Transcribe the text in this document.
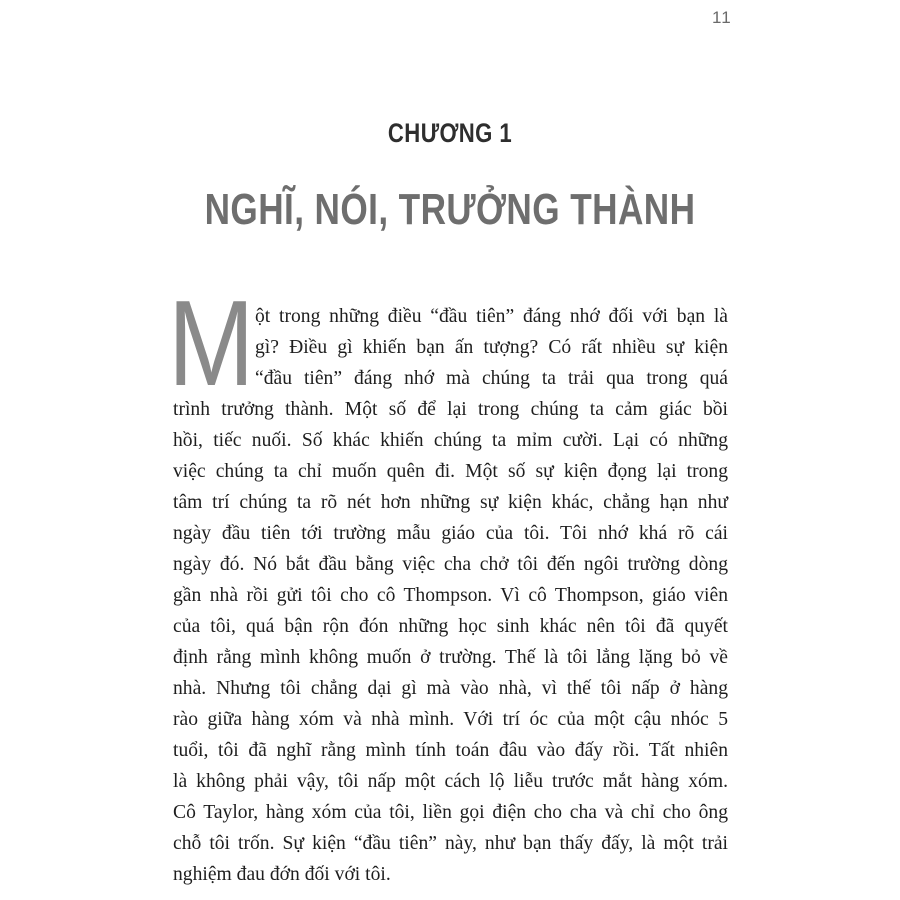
11
CHƯƠNG 1
NGHĨ, NÓI, TRƯỞNG THÀNH
M ột trong những điều “đầu tiên” đáng nhớ đối với bạn là
gì? Điều gì khiến bạn ấn tượng? Có rất nhiều sự kiện
“đầu tiên” đáng nhớ mà chúng ta trải qua trong quá
trình trưởng thành. Một số để lại trong chúng ta cảm giác bồi
hồi, tiếc nuối. Số khác khiến chúng ta mỉm cười. Lại có những
việc chúng ta chỉ muốn quên đi. Một số sự kiện đọng lại trong
tâm trí chúng ta rõ nét hơn những sự kiện khác, chẳng hạn như
ngày đầu tiên tới trường mẫu giáo của tôi. Tôi nhớ khá rõ cái
ngày đó. Nó bắt đầu bằng việc cha chở tôi đến ngôi trường dòng
gần nhà rồi gửi tôi cho cô Thompson. Vì cô Thompson, giáo viên
của tôi, quá bận rộn đón những học sinh khác nên tôi đã quyết
định rằng mình không muốn ở trường. Thế là tôi lẳng lặng bỏ về
nhà. Nhưng tôi chẳng dại gì mà vào nhà, vì thế tôi nấp ở hàng
rào giữa hàng xóm và nhà mình. Với trí óc của một cậu nhóc 5
tuổi, tôi đã nghĩ rằng mình tính toán đâu vào đấy rồi. Tất nhiên
là không phải vậy, tôi nấp một cách lộ liễu trước mắt hàng xóm.
Cô Taylor, hàng xóm của tôi, liền gọi điện cho cha và chỉ cho ông
chỗ tôi trốn. Sự kiện “đầu tiên” này, như bạn thấy đấy, là một trải
nghiệm đau đớn đối với tôi.
